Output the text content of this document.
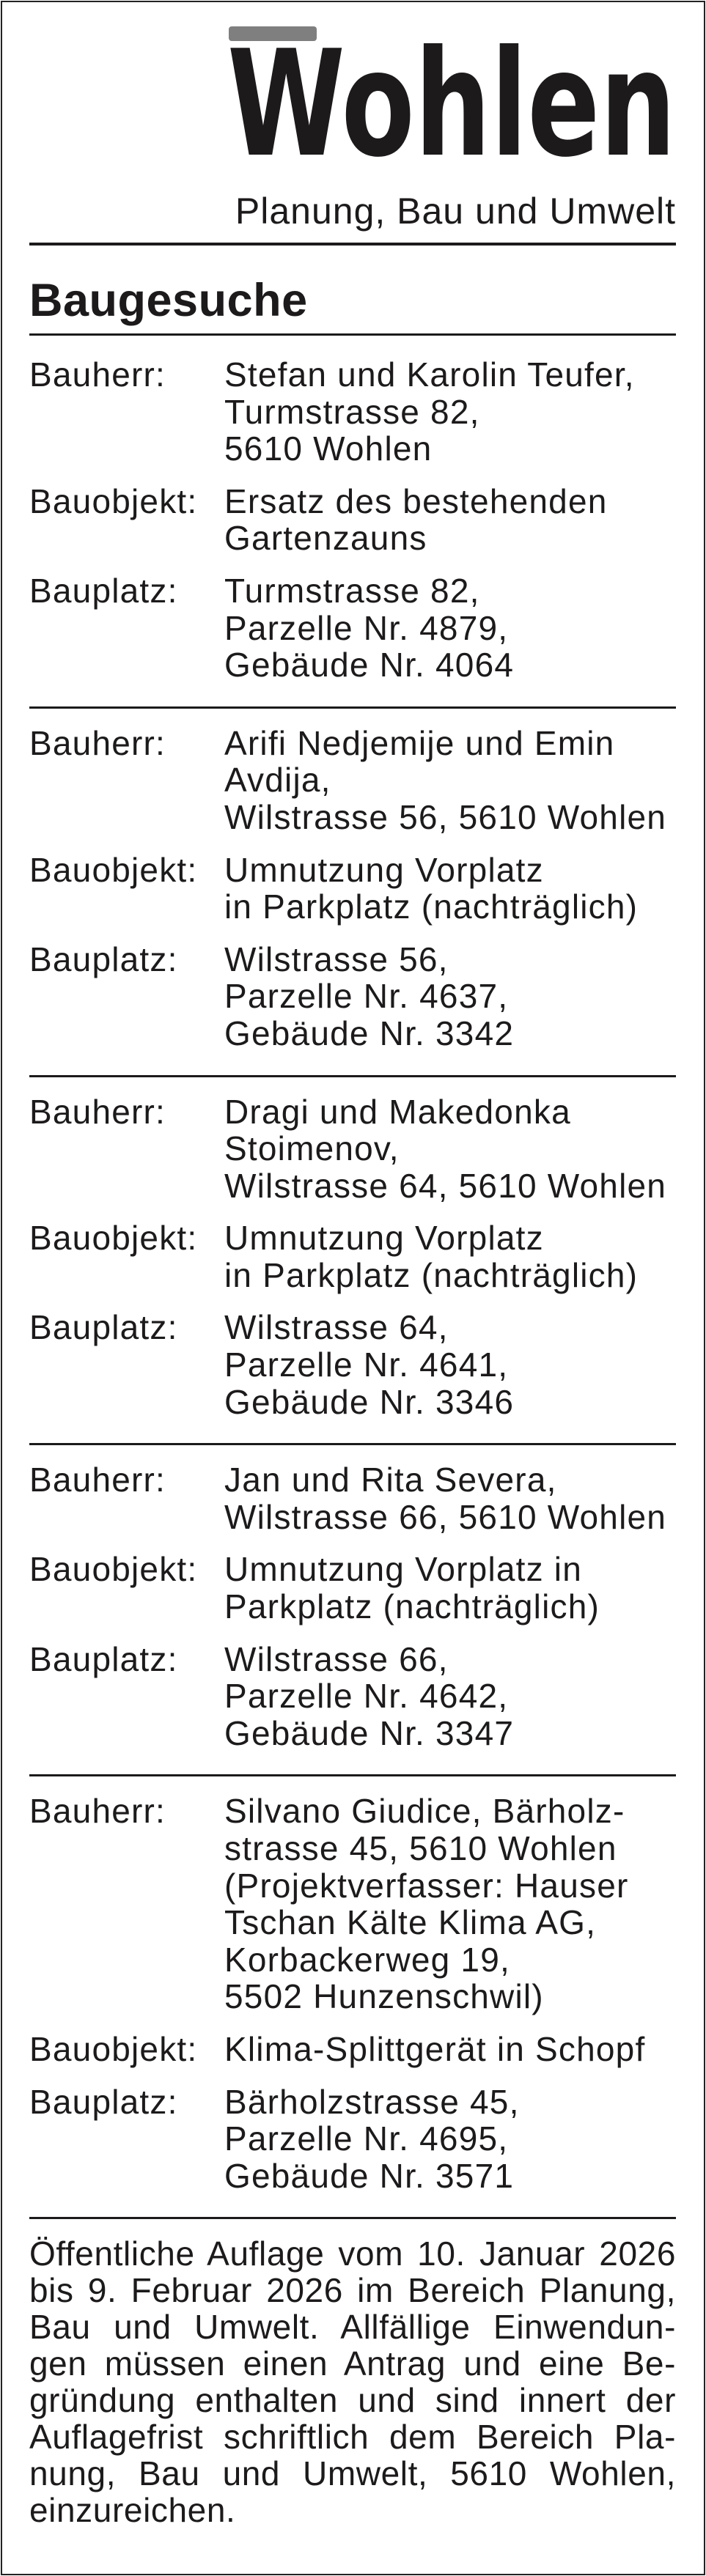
Wohlen
Planung, Bau und Umwelt
Baugesuche
Bauherr:	Stefan und Karolin Teufer,
Turmstrasse 82,
5610 Wohlen
Bauobjekt: Ersatz des bestehenden
Gartenzauns
Bauplatz:	Turmstrasse 82,
Parzelle Nr. 4879,
Gebäude Nr. 4064
Bauherr:	Arifi Nedjemije und Emin
Avdija,
Wilstrasse 56, 5610 Wohlen
Bauobjekt: Umnutzung Vorplatz
in Parkplatz (nachträglich)
Bauplatz:	Wilstrasse 56,
Parzelle Nr. 4637,
Gebäude Nr. 3342
Bauherr:	Dragi und Makedonka
Stoimenov,
Wilstrasse 64, 5610 Wohlen
Bauobjekt: Umnutzung Vorplatz
in Parkplatz (nachträglich)
Bauplatz:	Wilstrasse 64,
Parzelle Nr. 4641,
Gebäude Nr. 3346
Bauherr:	Jan und Rita Severa,
Wilstrasse 66, 5610 Wohlen
Bauobjekt: Umnutzung Vorplatz in
Parkplatz (nachträglich)
Bauplatz:	Wilstrasse 66,
Parzelle Nr. 4642,
Gebäude Nr. 3347
Bauherr:	Silvano Giudice, Bärholz-
strasse 45, 5610 Wohlen
(Projektverfasser: Hauser
Tschan Kälte Klima AG,
Korbackerweg 19,
5502 Hunzenschwil)
Bauobjekt: Klima-Splittgerät in Schopf
Bauplatz:	Bärholzstrasse 45,
Parzelle Nr. 4695,
Gebäude Nr. 3571
Öffentliche Auflage vom 10. Januar 2026
bis 9. Februar 2026 im Bereich Planung,
Bau und Umwelt. Allfällige Einwendun-
gen müssen einen Antrag und eine Be-
gründung enthalten und sind innert der
Auflagefrist schriftlich dem Bereich Pla-
nung, Bau und Umwelt, 5610 Wohlen,
einzureichen.
